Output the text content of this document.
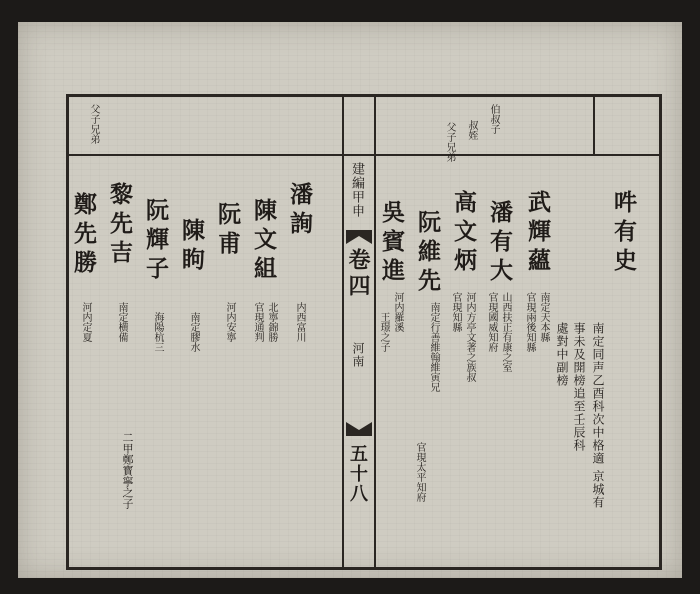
吽有史
南定同声乙酉科次中格適 京城有
事未及開榜追至壬辰科
處對中副榜
伯叔子
叔姪
父子兄弟
父子兄弟
武輝蘊
南定天本縣
官現兩後知縣
潘有大
山西扶正有康之室
官現國威知府
高文炳
河内方亭文著之族叔
官現知縣
阮維先
南定行善維翰維寅兄
官現太平知府
吳賓進
河内羅溪
王璟之子
建編甲申
卷四
河南
五十八
潘詢
内西富川
陳文組
北寧錦勝
官現通判
阮甫
河内安寧
陳眗
南定膠水
阮輝子
海陽杭三
黎先吉
南定横備
鄭先勝
河内定夏
二甲鄭寳寧之子
